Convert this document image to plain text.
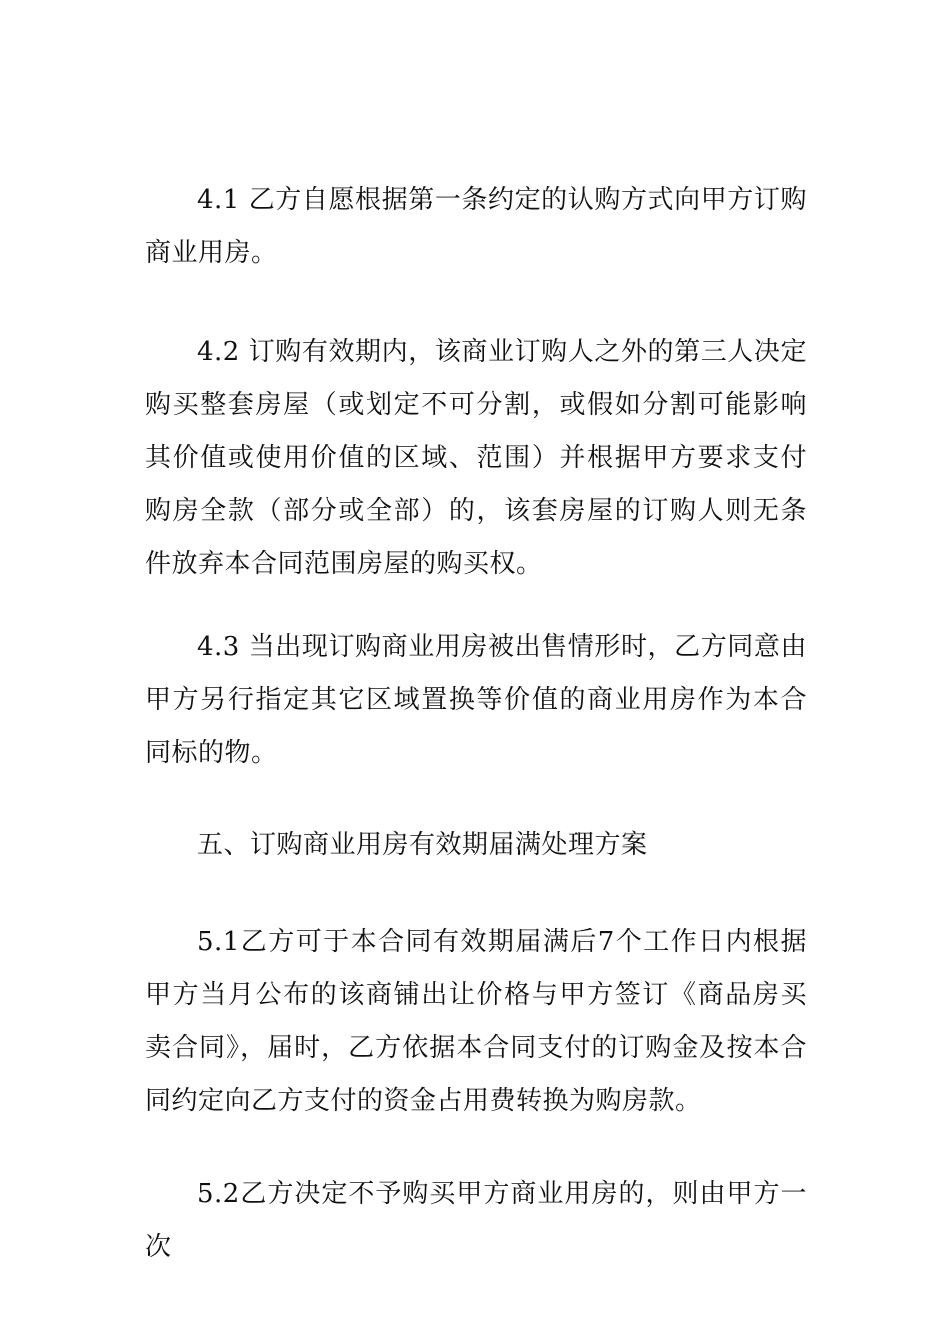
4.1 乙方自愿根据第一条约定的认购方式向甲方订购商业用房。

4.2 订购有效期内，该商业订购人之外的第三人决定购买整套房屋（或划定不可分割，或假如分割可能影响其价值或使用价值的区域、范围）并根据甲方要求支付购房全款（部分或全部）的，该套房屋的订购人则无条件放弃本合同范围房屋的购买权。

4.3 当出现订购商业用房被出售情形时，乙方同意由甲方另行指定其它区域置换等价值的商业用房作为本合同标的物。

五、订购商业用房有效期届满处理方案

5.1乙方可于本合同有效期届满后7个工作日内根据甲方当月公布的该商铺出让价格与甲方签订《商品房买卖合同》，届时，乙方依据本合同支付的订购金及按本合同约定向乙方支付的资金占用费转换为购房款。

5.2乙方决定不予购买甲方商业用房的，则由甲方一次
